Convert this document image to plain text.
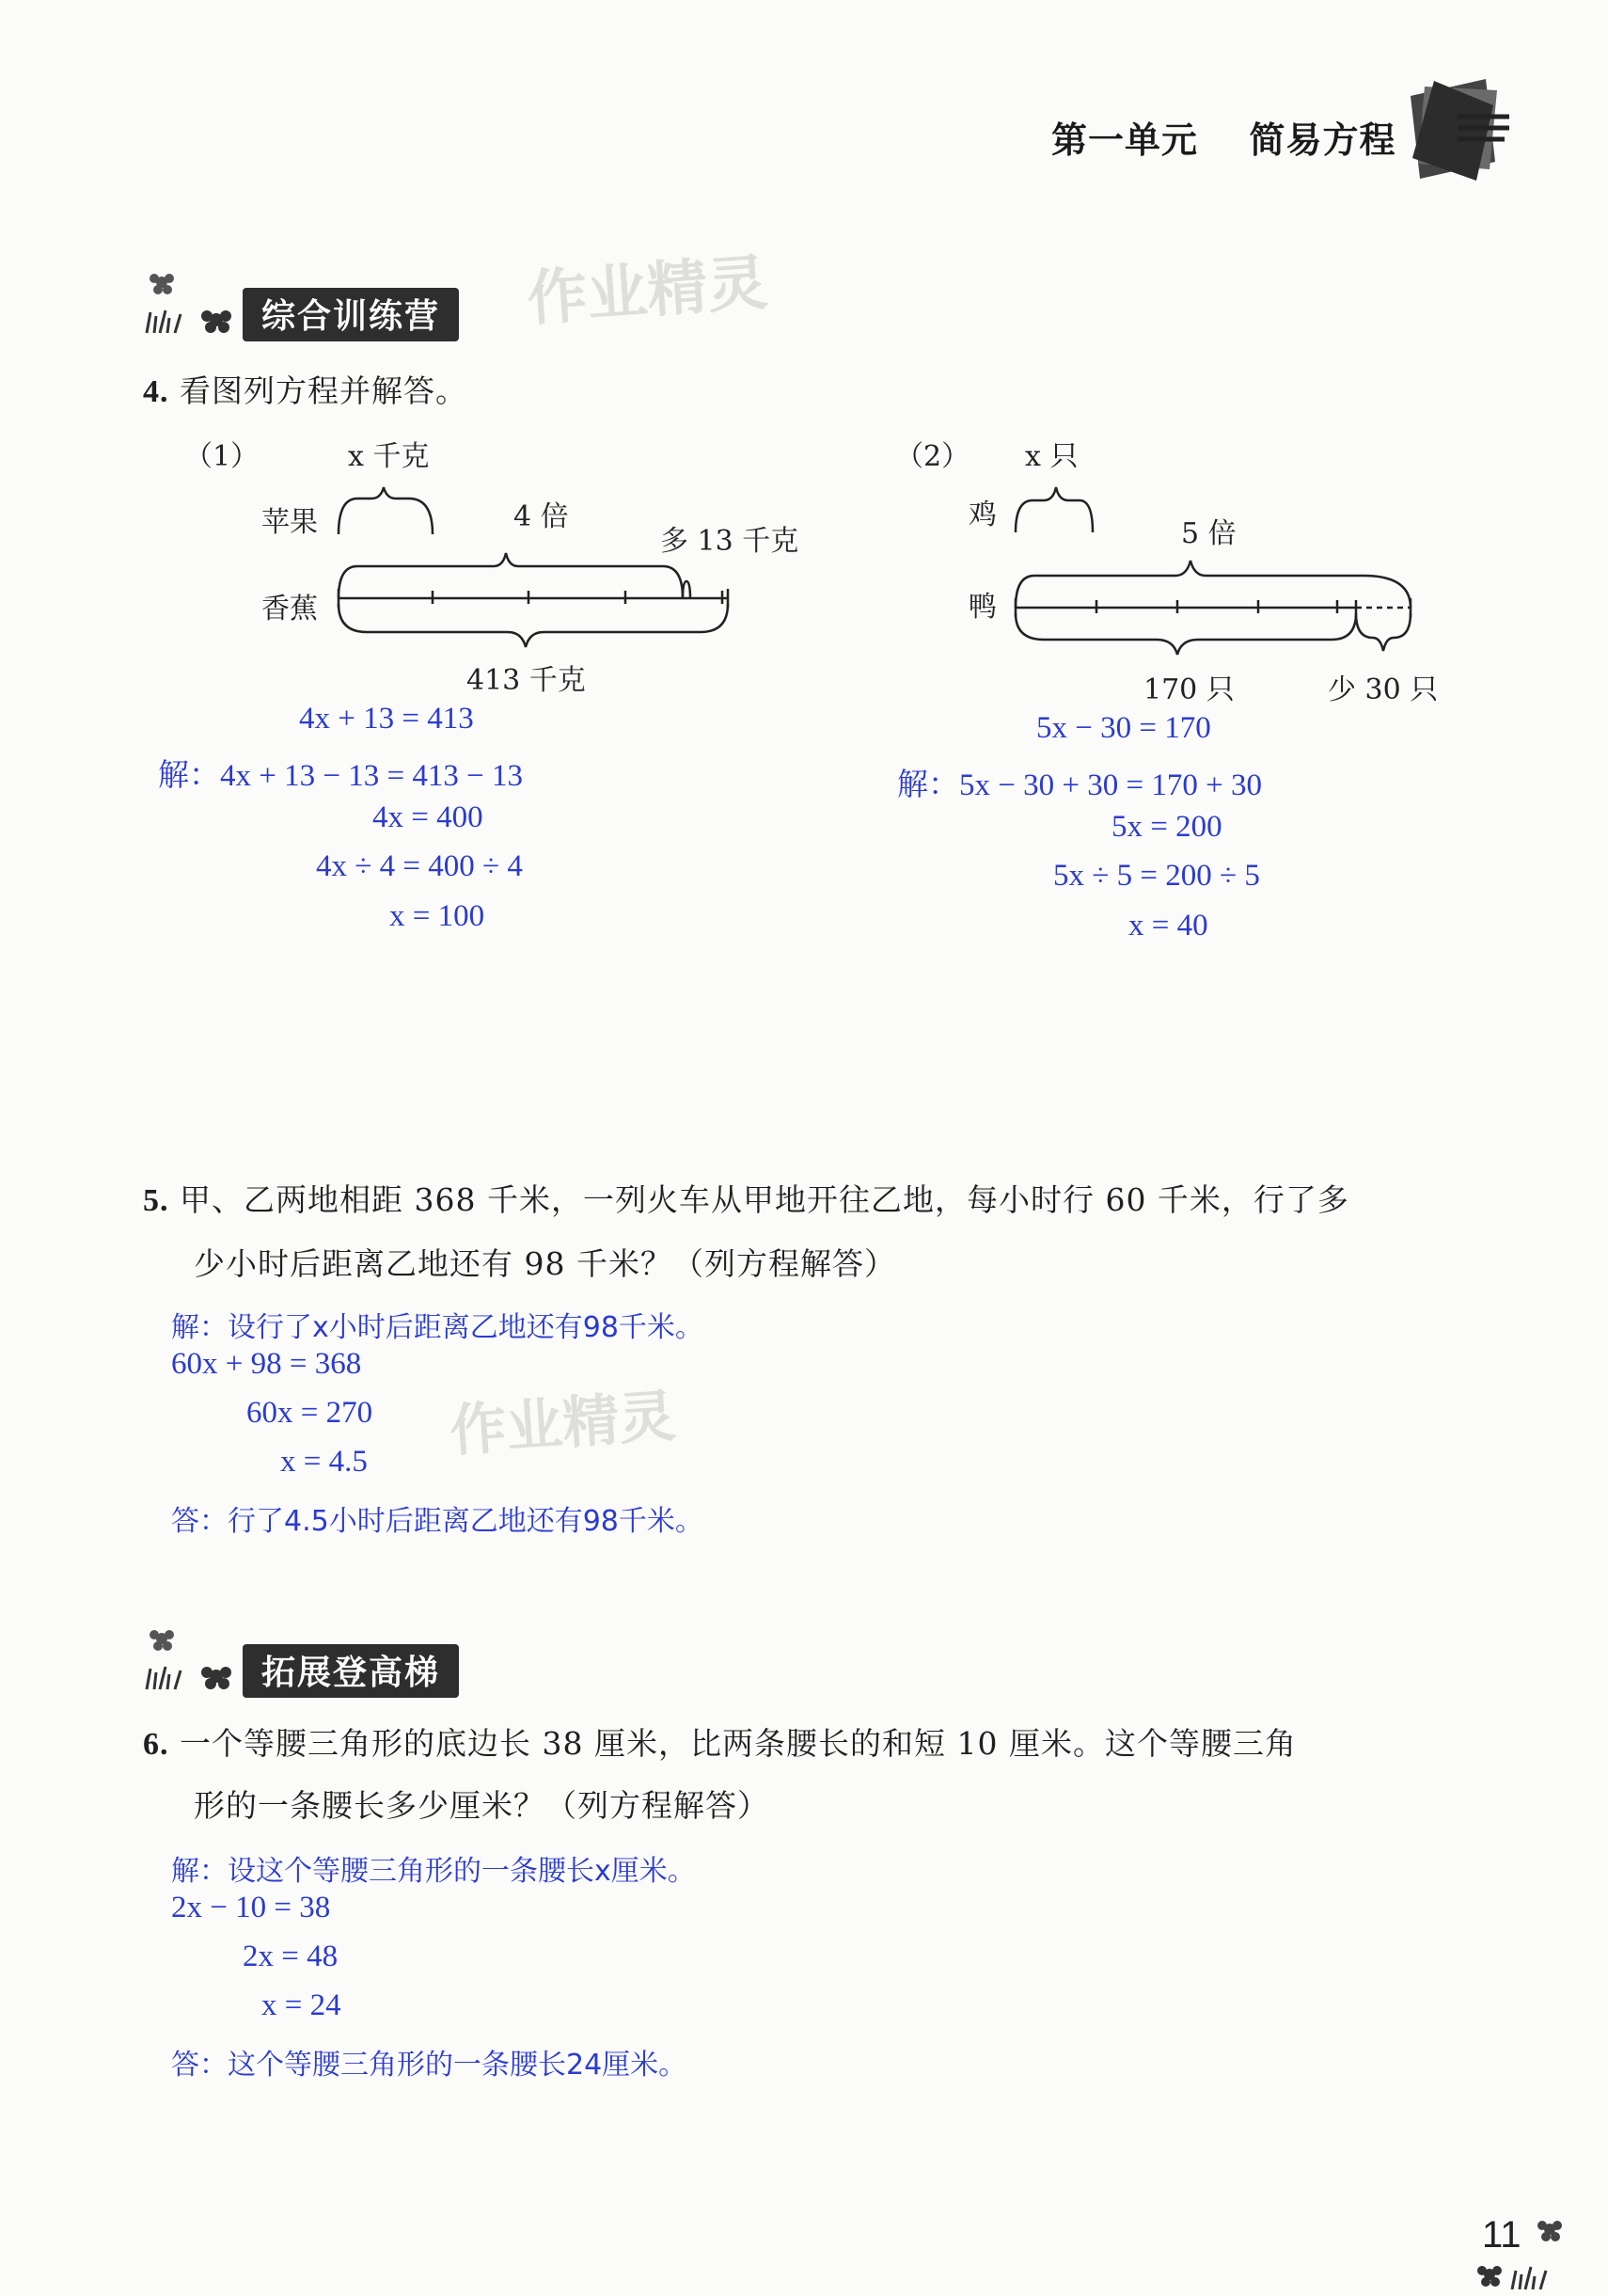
第一单元 简易方程
综合训练营	作业精灵
4. 看图列方程并解答。
（1）	x 千克
苹果
香蕉
4 倍
多 13 千克
413 千克
4x + 13 = 413
解：4x + 13 − 13 = 413 − 13
4x = 400
4x ÷ 4 = 400 ÷ 4
x = 100
（2） x 只
鸡
鸭
5 倍
170 只	少 30 只
5x − 30 = 170
解：5x − 30 + 30 = 170 + 30
5x = 200
5x ÷ 5 = 200 ÷ 5
x = 40
5. 甲、乙两地相距 368 千米，一列火车从甲地开往乙地，每小时行 60 千米，行了多
少小时后距离乙地还有 98 千米？（列方程解答）
解：设行了x小时后距离乙地还有98千米。
60x + 98 = 368
60x = 270
x = 4.5
答：行了4.5小时后距离乙地还有98千米。
作业精灵
拓展登高梯
6. 一个等腰三角形的底边长 38 厘米，比两条腰长的和短 10 厘米。这个等腰三角
形的一条腰长多少厘米？（列方程解答）
解：设这个等腰三角形的一条腰长x厘米。
2x − 10 = 38
2x = 48
x = 24
答：这个等腰三角形的一条腰长24厘米。
11
